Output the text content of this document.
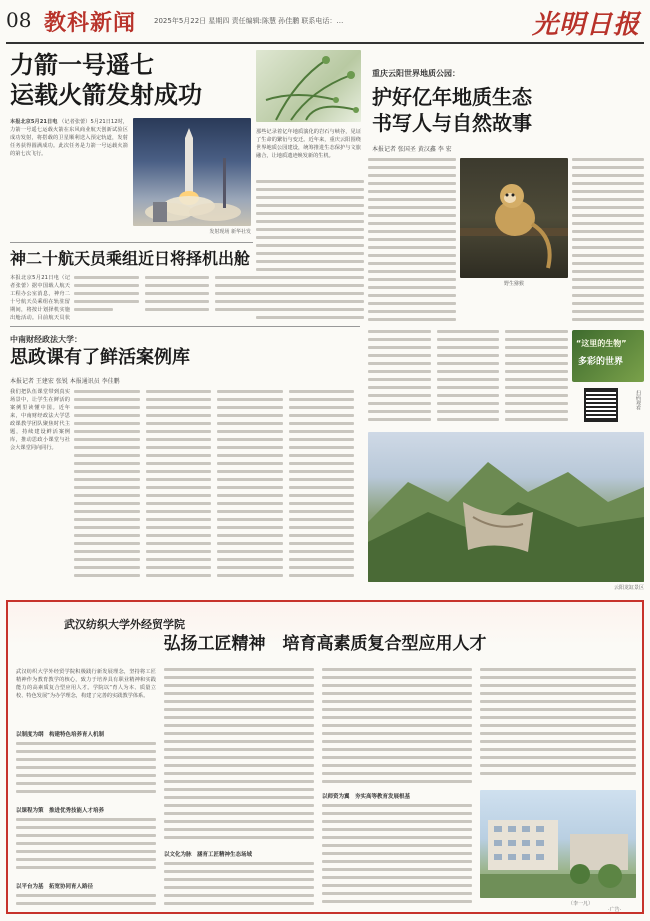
08 教科新闻	2025年5月22日 星期四 责任编辑:陈慧 孙佳鹏 联系电话：…	光明日报
力箭一号遥七
运载火箭发射成功
本报北京5月21日电 （记者张蕾）5月21日12时，力箭一号遥七运载火箭在东风商业航天创新试验区成功发射，将搭载的卫星顺利送入预定轨道，发射任务获得圆满成功。此次任务是力箭一号运载火箭的第七次飞行。
发射现场 新华社发
神二十航天员乘组近日将择机出舱
本报北京5月21日电（记者张蕾）据中国载人航天工程办公室消息，神舟二十号航天员乘组在轨驻留期间，将按计划择机实施出舱活动。目前航天员状
中南财经政法大学：
思政课有了鲜活案例库
本报记者 王建宏 张锐 本报通讯员 李佳鹏
我们把队伍课堂带到真实场景中，让学生在鲜活的案例里读懂中国。近年来，中南财经政法大学思政课教学团队聚焦时代主题，持续建设鲜活案例库，推动思政小课堂与社会大课堂同向同行。
重庆云阳世界地质公园：
护好亿年地质生态
书写人与自然故事
本报记者 张国圣 黄汉鑫 李 宏
那些记录着亿年地质演化的岩石与峡谷，见证了生命的繁衍与变迁。近年来，重庆云阳围绕世界地质公园建设，统筹推进生态保护与文旅融合，让地质遗迹焕发新的生机。
野生猕猴
“这里的生物”
多彩的世界
扫码观看
云阳龙缸景区
武汉纺织大学外经贸学院
弘扬工匠精神　培育高素质复合型应用人才
武汉纺织大学外经贸学院积极践行新发展理念，坚持将工匠精神作为教育教学的核心，致力于培养具有职业精神和实践能力的高素质复合型应用人才。学院以“育人为本、质量立校、特色发展”为办学理念，构建了完善的实践教学体系。
以制度为纲　构建特色培养育人机制
以课程为策　推进优秀技能人才培养
以平台为基　拓宽协同育人路径
以文化为脉　涵育工匠精神生态场域
以师资为翼　夯实高等教育发展根基
（李一凡）
·广告·
